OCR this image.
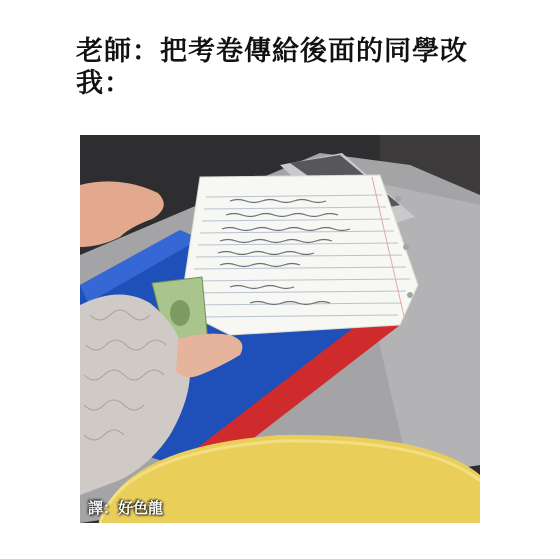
老師：把考卷傳給後面的同學改
我：
譯：好色龍
